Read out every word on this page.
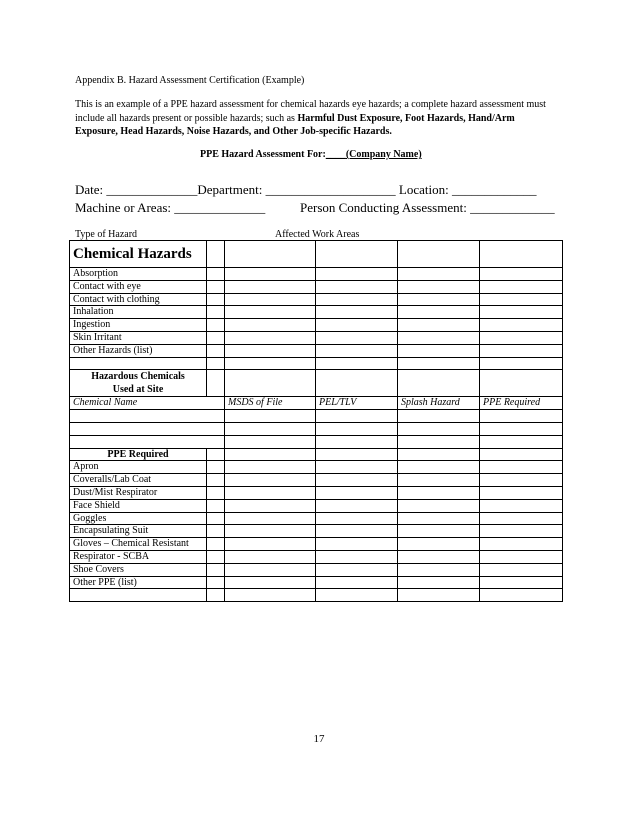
Appendix B. Hazard Assessment Certification (Example)
This is an example of a PPE hazard assessment for chemical hazards eye hazards; a complete hazard assessment must include all hazards present or possible hazards; such as Harmful Dust Exposure, Foot Hazards, Hand/Arm Exposure, Head Hazards, Noise Hazards, and Other Job-specific Hazards.
PPE Hazard Assessment For:____(Company Name)
Date: ______________Department: ____________________ Location: _____________
Machine or Areas: ______________	Person Conducting Assessment: _____________
Type of Hazard	Affected Work Areas
Chemical Hazards					
Absorption					
Contact with eye					
Contact with clothing					
Inhalation					
Ingestion					
Skin Irritant					
Other Hazards (list)					

Hazardous Chemicals
Used at Site					

Chemical Name		MSDS of File	PEL/TLV	Splash Hazard	PPE Required

PPE Required					
Apron					
Coveralls/Lab Coat					
Dust/Mist Respirator					
Face Shield					
Goggles					
Encapsulating Suit					
Gloves – Chemical Resistant					
Respirator - SCBA					
Shoe Covers					
Other PPE (list)					

17
